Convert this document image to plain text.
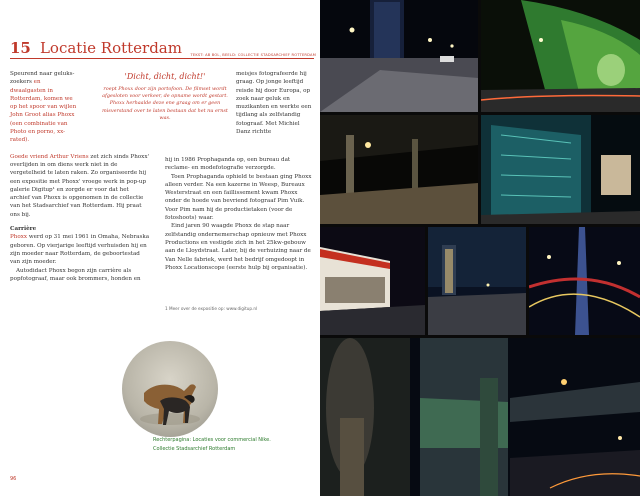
15 Locatie Rotterdam	TEKST: AB BOL, BEELD: COLLECTIE STADSARCHIEF ROTTERDAM
'Dicht, dicht, dicht!'
roept Phoxx door zijn portofoon. De filmset wordt afgesloten voor verkeer, de opname wordt gestart. Phoxx herhaalde deze ene graag om er geen misverstand over te laten bestaan dat het nu ernst was.

Speurend naar geluks-zoekers en dwaalgasten in Rotterdam, komen we op het spoor van wijlen John Groot alias Phoxx (een combinatie van Photo en porno, xx-rated).

Goede vriend Arthur Vriens zet zich sinds Phoxx' overlijden in om diens werk niet in de vergetelheid te laten raken. Zo organiseerde hij een expositie met Phoxx' vroege werk in pop-up galerie Digitup¹ en zorgde er voor dat het archief van Phoxx is opgenomen in de collectie van het Stadsarchief van Rotterdam. Hij praat ons bij.

Carrière

Phoxx werd op 31 mei 1961 in Omaha, Nebraska geboren. Op vierjarige leeftijd verhuisden hij en zijn moeder naar Rotterdam, de geboortestad van zijn moeder.

Autodidact Phoxx begon zijn carrière als popfotograaf, maar ook brommers, honden en

meisjes fotografeerde hij graag. Op jonge leeftijd reisde hij door Europa, op zoek naar geluk en muzikanten en werkte een tijdlang als zelfstandig fotograaf. Met Michiel Danz richtte

hij in 1986 Prophaganda op, een bureau dat reclame- en modefotografie verzorgde.

Toen Prophaganda ophield te bestaan ging Phoxx alleen verder. Na een kazerne in Weesp, Bureaux Westerstraat en een faillissement kwam Phoxx onder de hoede van bevriend fotograaf Pim Vuik. Voor Pim nam hij de productietaken (voor de fotoshoots) waar.

Eind jaren 90 waagde Phoxx de stap naar zelfstandig ondernemerschap opnieuw met Phoxx Productions en vestigde zich in het 25kw-gebouw aan de Lloydstraat. Later, bij de verhuizing naar de Van Nelle fabriek, werd het bedrijf omgedoopt in Phoxx Locationscope (eerste hulp bij organisatie).

1 Meer over de expositie op: www.digitup.nl
Rechterpagina: Locaties voor commercial Nike.
Collectie Stadsarchief Rotterdam
96
